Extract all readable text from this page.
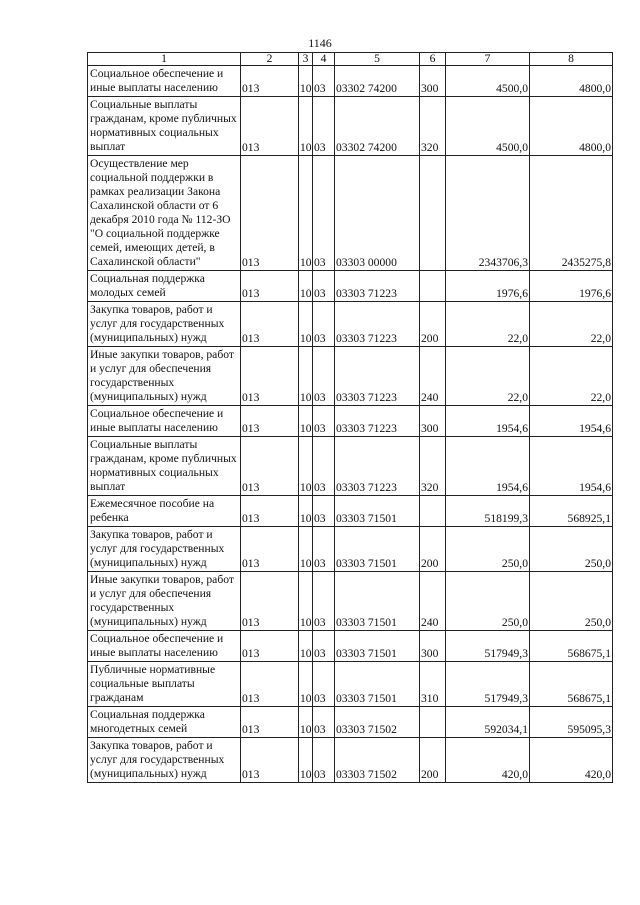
1146
1	2	3	4	5	6	7	8
Социальное обеспечение и иные выплаты населению	013	10	03	03302 74200	300	4500,0	4800,0
Социальные выплаты гражданам, кроме публичных нормативных социальных выплат	013	10	03	03302 74200	320	4500,0	4800,0
Осуществление мер социальной поддержки в рамках реализации Закона Сахалинской области от 6 декабря 2010 года № 112-ЗО "О социальной поддержке семей, имеющих детей, в Сахалинской области"	013	10	03	03303 00000		2343706,3	2435275,8
Социальная поддержка молодых семей	013	10	03	03303 71223		1976,6	1976,6
Закупка товаров, работ и услуг для государственных (муниципальных) нужд	013	10	03	03303 71223	200	22,0	22,0
Иные закупки товаров, работ и услуг для обеспечения государственных (муниципальных) нужд	013	10	03	03303 71223	240	22,0	22,0
Социальное обеспечение и иные выплаты населению	013	10	03	03303 71223	300	1954,6	1954,6
Социальные выплаты гражданам, кроме публичных нормативных социальных выплат	013	10	03	03303 71223	320	1954,6	1954,6
Ежемесячное пособие на ребенка	013	10	03	03303 71501		518199,3	568925,1
Закупка товаров, работ и услуг для государственных (муниципальных) нужд	013	10	03	03303 71501	200	250,0	250,0
Иные закупки товаров, работ и услуг для обеспечения государственных (муниципальных) нужд	013	10	03	03303 71501	240	250,0	250,0
Социальное обеспечение и иные выплаты населению	013	10	03	03303 71501	300	517949,3	568675,1
Публичные нормативные социальные выплаты гражданам	013	10	03	03303 71501	310	517949,3	568675,1
Социальная поддержка многодетных семей	013	10	03	03303 71502		592034,1	595095,3
Закупка товаров, работ и услуг для государственных (муниципальных) нужд	013	10	03	03303 71502	200	420,0	420,0
